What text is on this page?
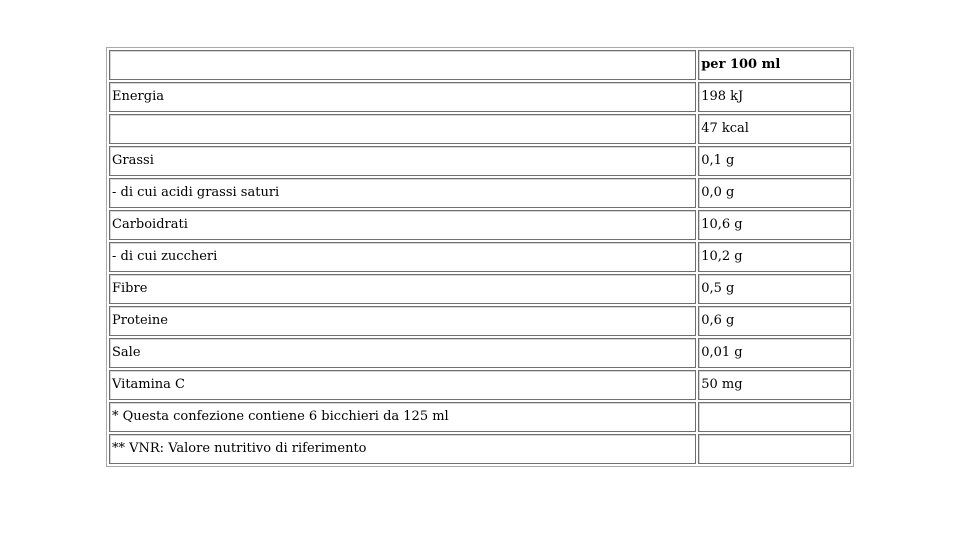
	per 100 ml
Energia	198 kJ
	47 kcal
Grassi	0,1 g
- di cui acidi grassi saturi	0,0 g
Carboidrati	10,6 g
- di cui zuccheri	10,2 g
Fibre	0,5 g
Proteine	0,6 g
Sale	0,01 g
Vitamina C	50 mg
* Questa confezione contiene 6 bicchieri da 125 ml	
** VNR: Valore nutritivo di riferimento	
